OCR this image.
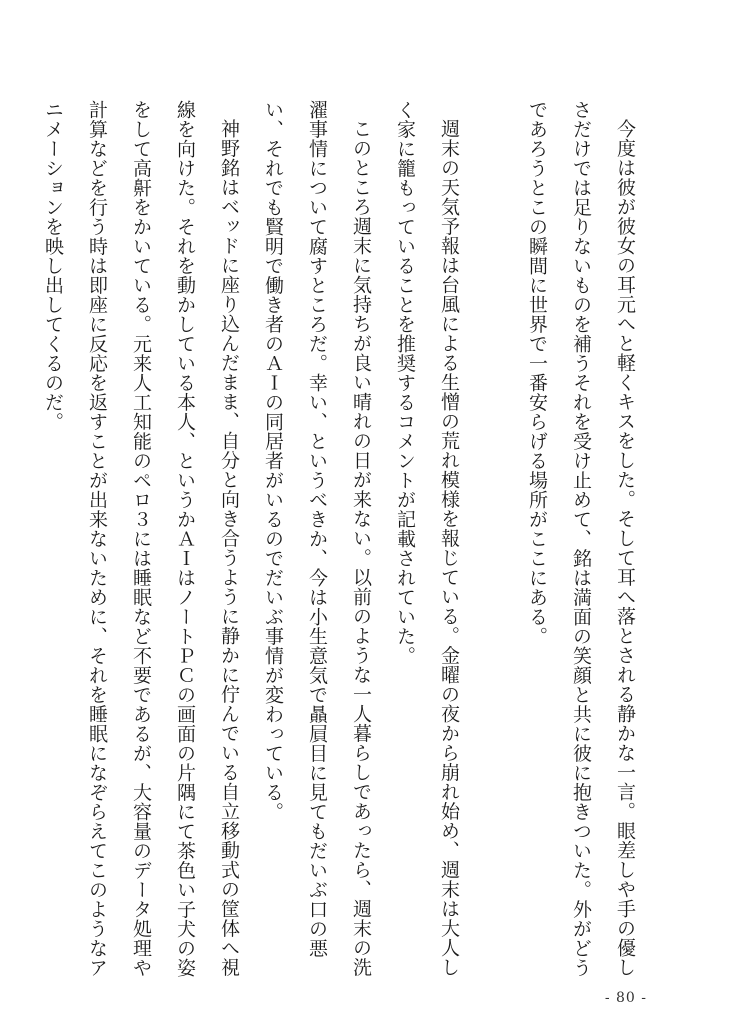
今度は彼が彼女の耳元へと軽くキスをした。そして耳へ落とされる静かな一言。眼差しや手の優しさだけでは足りないものを補うそれを受け止めて、銘は満面の笑顔と共に彼に抱きついた。外がどうであろうとこの瞬間に世界で一番安らげる場所がここにある。

週末の天気予報は台風による生憎の荒れ模様を報じている。金曜の夜から崩れ始め、週末は大人しく家に籠もっていることを推奨するコメントが記載されていた。

このところ週末に気持ちが良い晴れの日が来ない。以前のような一人暮らしであったら、週末の洗濯事情について腐すところだ。幸い、というべきか、今は小生意気で贔屓目に見てもだいぶ口の悪い、それでも賢明で働き者のＡＩの同居者がいるのでだいぶ事情が変わっている。

神野銘はベッドに座り込んだまま、自分と向き合うように静かに佇んでいる自立移動式の筐体へ視線を向けた。それを動かしている本人、というかＡＩはノートＰＣの画面の片隅にて茶色い子犬の姿をして高鼾をかいている。元来人工知能のペロ３には睡眠など不要であるが、大容量のデータ処理や計算などを行う時は即座に反応を返すことが出来ないために、それを睡眠になぞらえてこのようなアニメーションを映し出してくるのだ。

- 80 -
